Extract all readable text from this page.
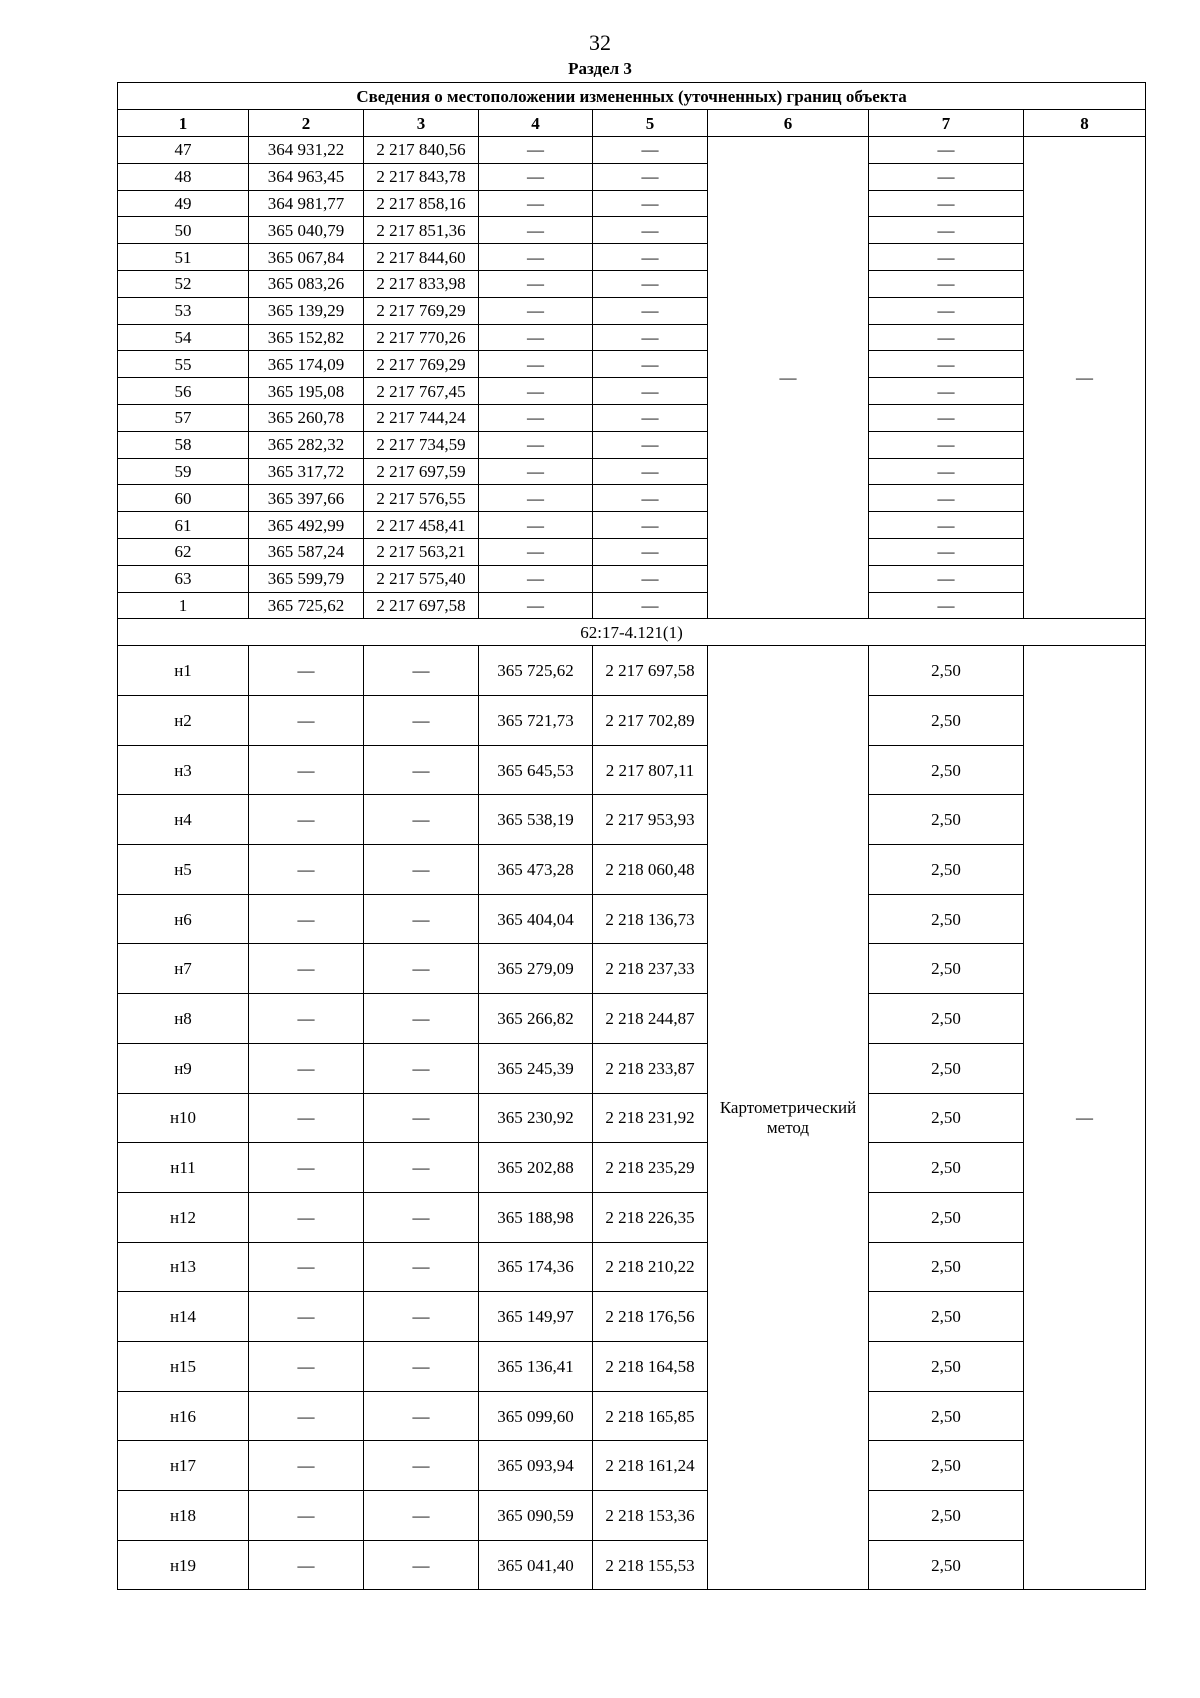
32
Раздел 3
Сведения о местоположении измененных (уточненных) границ объекта							
1	2	3	4	5	6	7	8
47	364 931,22	2 217 840,56	—	—	—	—	—
48	364 963,45	2 217 843,78	—	—		—	
49	364 981,77	2 217 858,16	—	—		—	
50	365 040,79	2 217 851,36	—	—		—	
51	365 067,84	2 217 844,60	—	—		—	
52	365 083,26	2 217 833,98	—	—		—	
53	365 139,29	2 217 769,29	—	—		—	
54	365 152,82	2 217 770,26	—	—		—	
55	365 174,09	2 217 769,29	—	—		—	
56	365 195,08	2 217 767,45	—	—		—	
57	365 260,78	2 217 744,24	—	—		—	
58	365 282,32	2 217 734,59	—	—		—	
59	365 317,72	2 217 697,59	—	—		—	
60	365 397,66	2 217 576,55	—	—		—	
61	365 492,99	2 217 458,41	—	—		—	
62	365 587,24	2 217 563,21	—	—		—	
63	365 599,79	2 217 575,40	—	—		—	
1	365 725,62	2 217 697,58	—	—		—	
62:17-4.121(1)							
н1	—	—	365 725,62	2 217 697,58	Картометрический метод	2,50	—
н2	—	—	365 721,73	2 217 702,89		2,50	
н3	—	—	365 645,53	2 217 807,11		2,50	
н4	—	—	365 538,19	2 217 953,93		2,50	
н5	—	—	365 473,28	2 218 060,48		2,50	
н6	—	—	365 404,04	2 218 136,73		2,50	
н7	—	—	365 279,09	2 218 237,33		2,50	
н8	—	—	365 266,82	2 218 244,87		2,50	
н9	—	—	365 245,39	2 218 233,87		2,50	
н10	—	—	365 230,92	2 218 231,92		2,50	
н11	—	—	365 202,88	2 218 235,29		2,50	
н12	—	—	365 188,98	2 218 226,35		2,50	
н13	—	—	365 174,36	2 218 210,22		2,50	
н14	—	—	365 149,97	2 218 176,56		2,50	
н15	—	—	365 136,41	2 218 164,58		2,50	
н16	—	—	365 099,60	2 218 165,85		2,50	
н17	—	—	365 093,94	2 218 161,24		2,50	
н18	—	—	365 090,59	2 218 153,36		2,50	
н19	—	—	365 041,40	2 218 155,53		2,50	
